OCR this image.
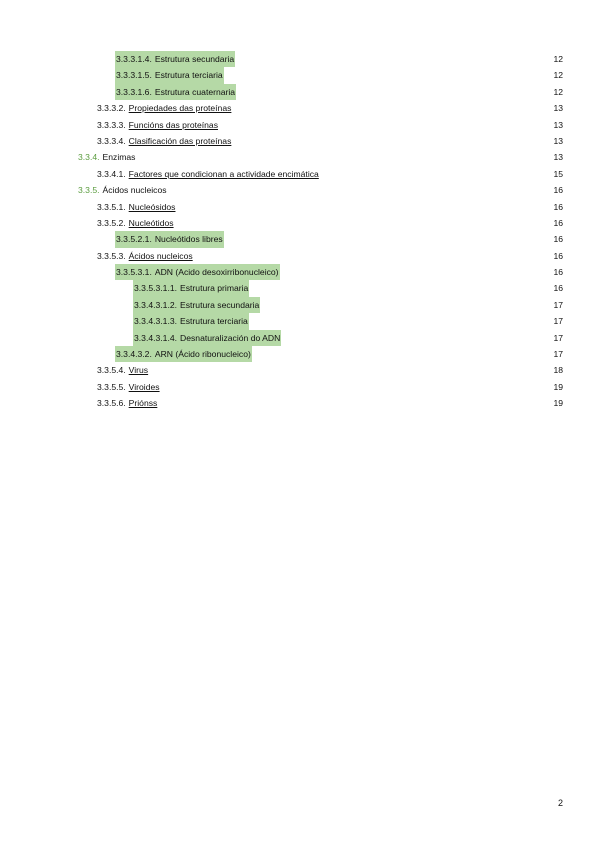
3.3.3.1.4. Estrutura secundaria	12
3.3.3.1.5. Estrutura terciaria	12
3.3.3.1.6. Estrutura cuaternaria	12
3.3.3.2. Propiedades das proteínas	13
3.3.3.3. Funcións das proteínas	13
3.3.3.4. Clasificación das proteínas	13
3.3.4. Enzimas	13
3.3.4.1. Factores que condicionan a actividade encimática	15
3.3.5. Ácidos nucleicos	16
3.3.5.1. Nucleósidos	16
3.3.5.2. Nucleótidos	16
3.3.5.2.1. Nucleótidos libres	16
3.3.5.3. Ácidos nucleicos	16
3.3.5.3.1. ADN (Acido desoxirribonucleico)	16
3.3.5.3.1.1. Estrutura primaria	16
3.3.4.3.1.2. Estrutura secundaria	17
3.3.4.3.1.3. Estrutura terciaria	17
3.3.4.3.1.4. Desnaturalización do ADN	17
3.3.4.3.2. ARN (Ácido ribonucleico)	17
3.3.5.4. Virus	18
3.3.5.5. Viroides	19
3.3.5.6. Priónss	19
2
